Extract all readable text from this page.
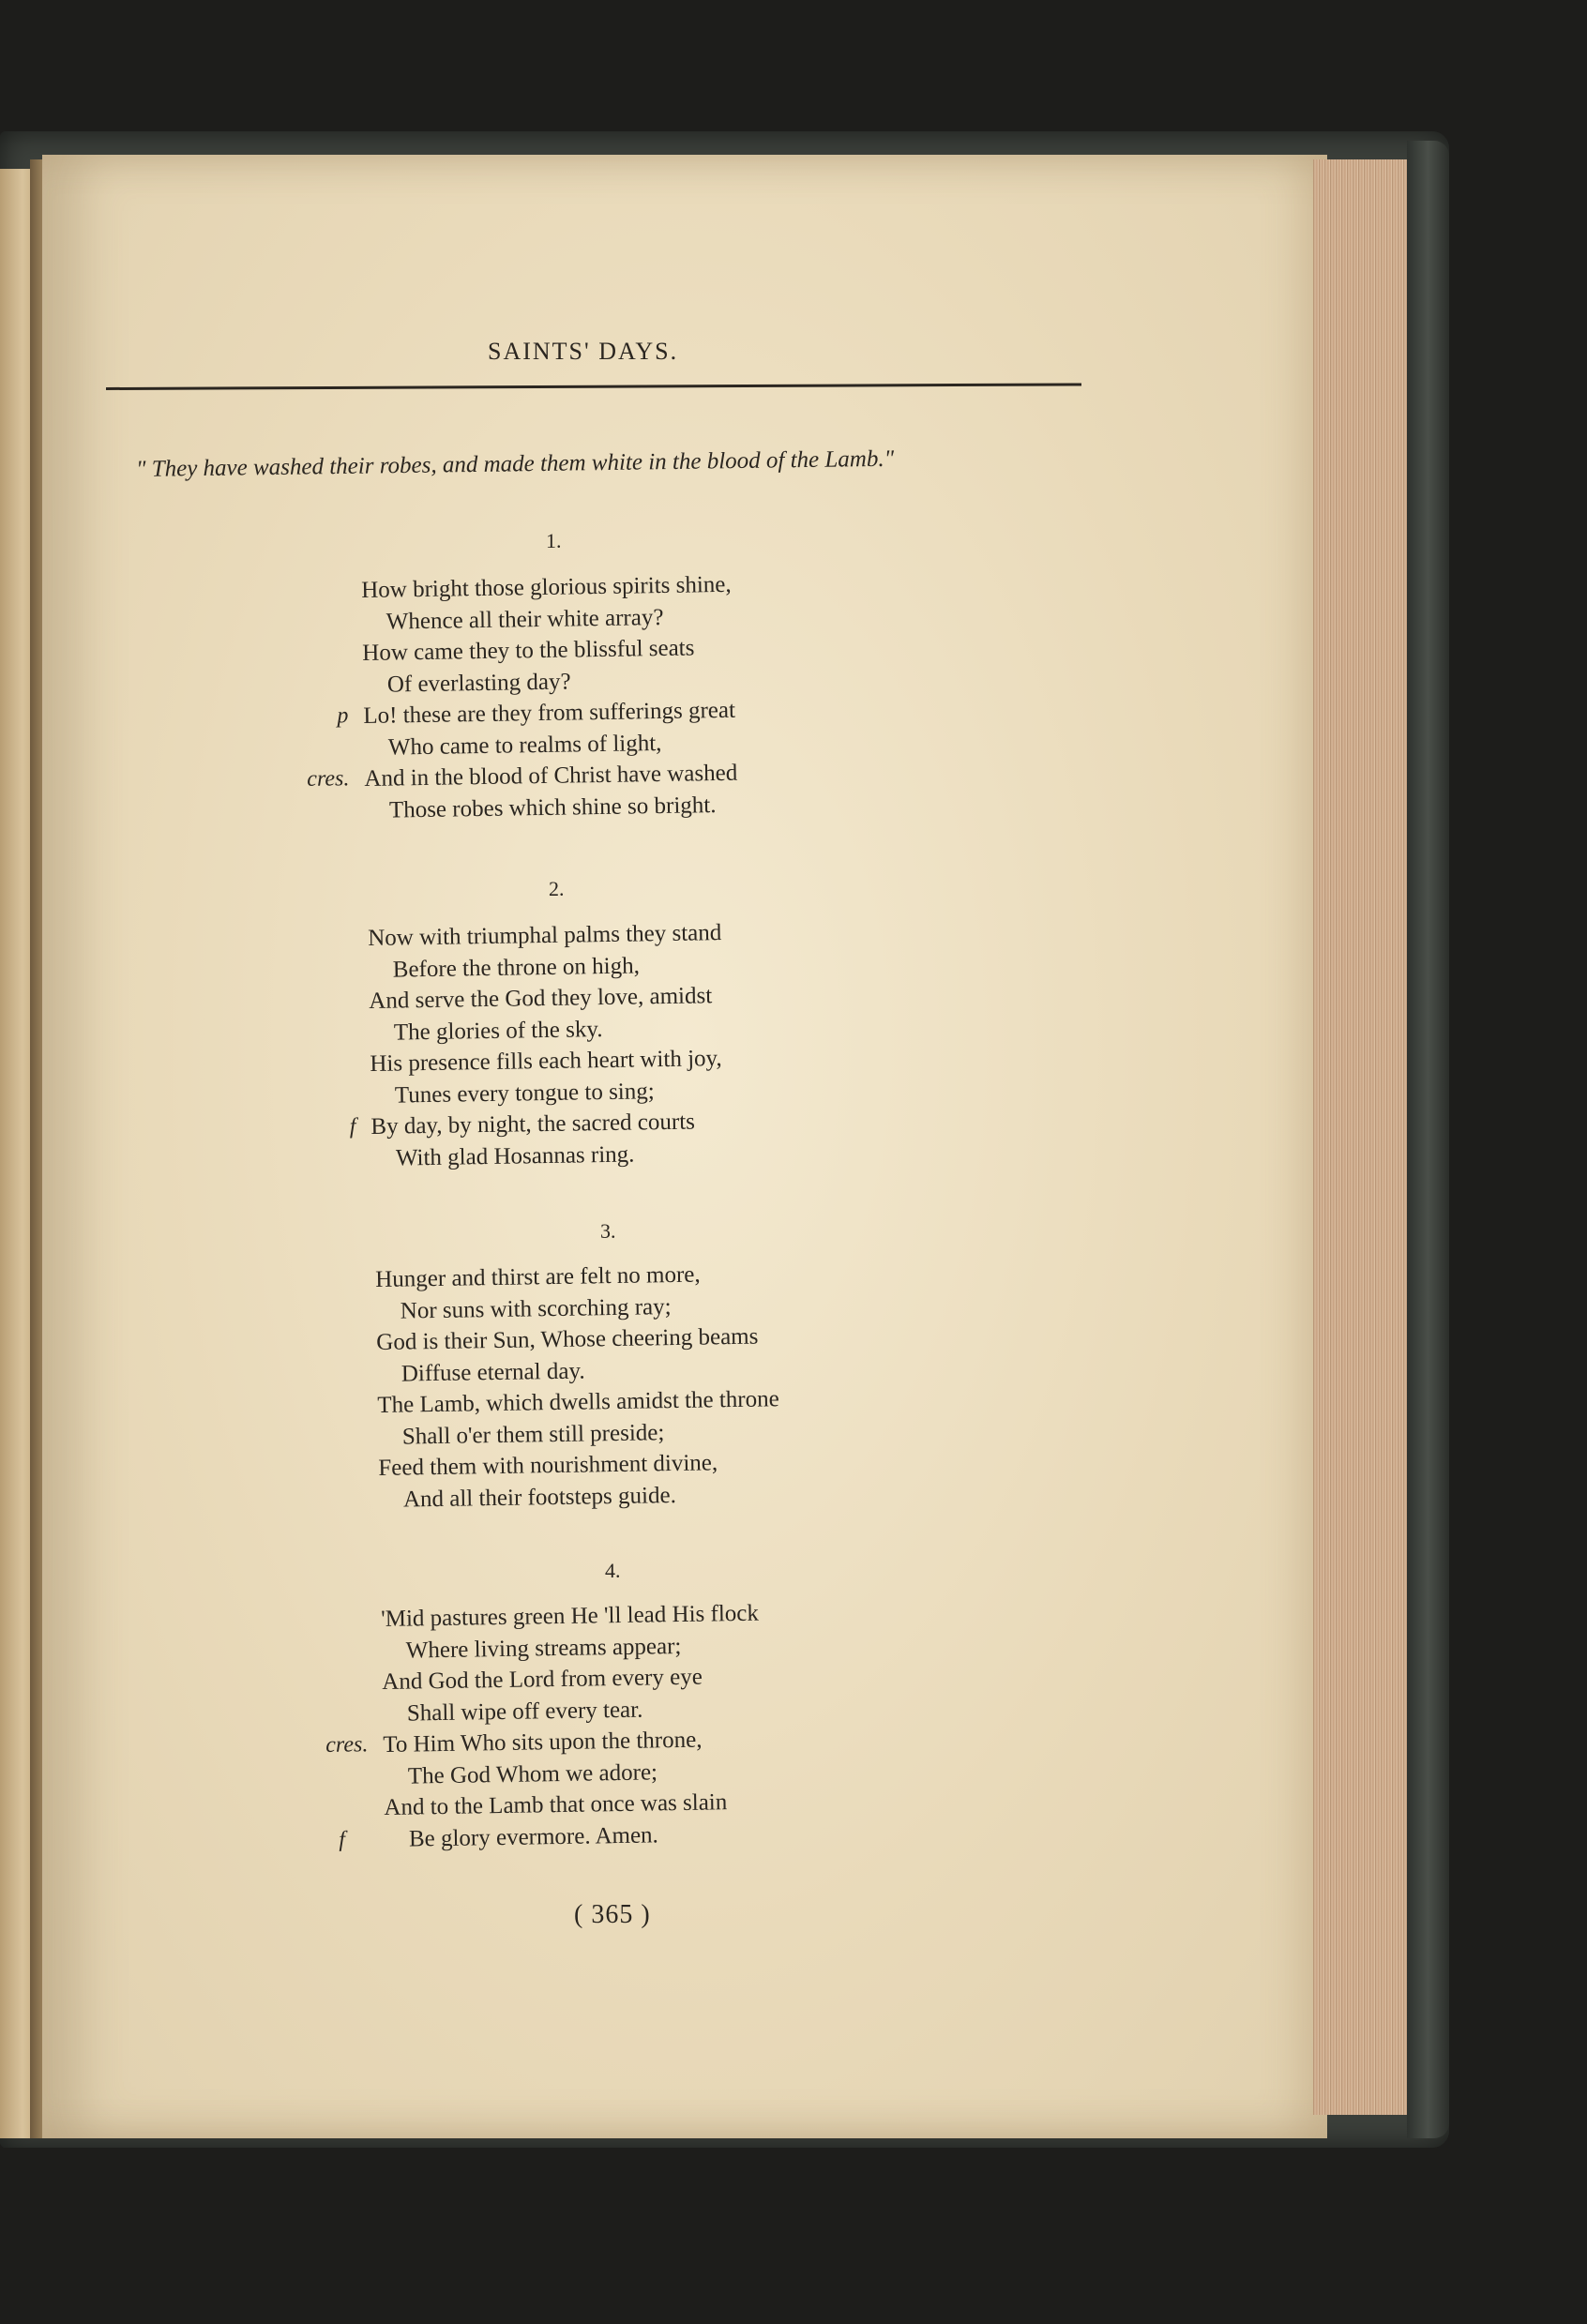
SAINTS' DAYS.
" They have washed their robes, and made them white in the blood of the Lamb."
1.
How bright those glorious spirits shine,
Whence all their white array?
How came they to the blissful seats
Of everlasting day?
p Lo! these are they from sufferings great
Who came to realms of light,
cres. And in the blood of Christ have washed
Those robes which shine so bright.
2.
Now with triumphal palms they stand
Before the throne on high,
And serve the God they love, amidst
The glories of the sky.
His presence fills each heart with joy,
Tunes every tongue to sing;
f By day, by night, the sacred courts
With glad Hosannas ring.
3.
Hunger and thirst are felt no more,
Nor suns with scorching ray;
God is their Sun, Whose cheering beams
Diffuse eternal day.
The Lamb, which dwells amidst the throne
Shall o'er them still preside;
Feed them with nourishment divine,
And all their footsteps guide.
4.
'Mid pastures green He 'll lead His flock
Where living streams appear;
And God the Lord from every eye
Shall wipe off every tear.
cres. To Him Who sits upon the throne,
The God Whom we adore;
And to the Lamb that once was slain
f	Be glory evermore. Amen.
( 365 )
